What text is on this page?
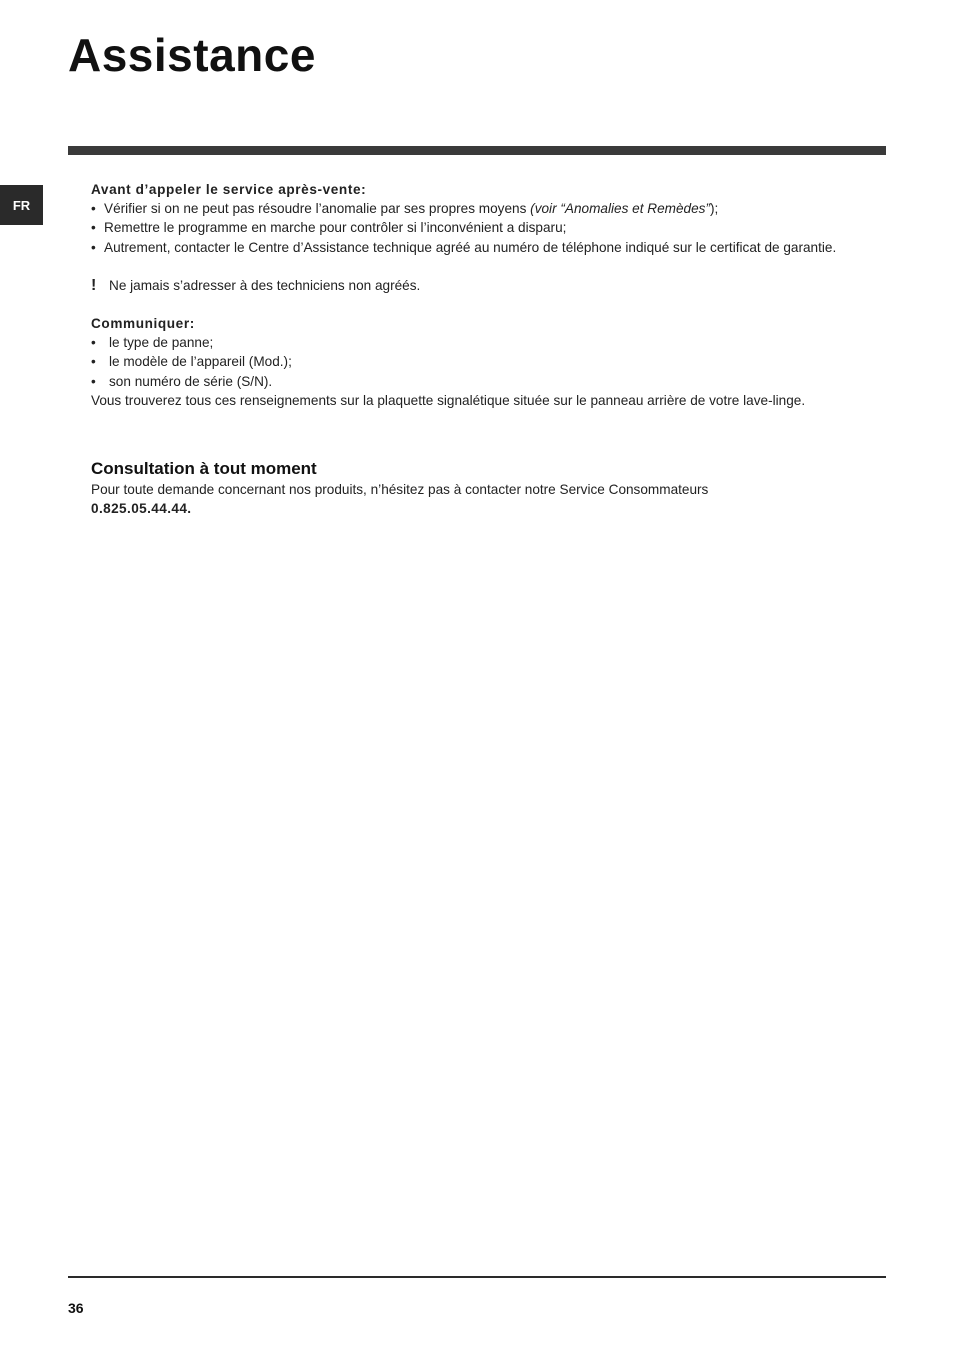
Assistance
FR

Avant d’appeler le service après-vente:

• Vérifier si on ne peut pas résoudre l’anomalie par ses propres moyens (voir “Anomalies et Remèdes”);
• Remettre le programme en marche pour contrôler si l’inconvénient a disparu;
• Autrement, contacter le Centre d’Assistance technique agréé au numéro de téléphone indiqué sur le certificat de garantie.
! Ne jamais s’adresser à des techniciens non agréés.

Communiquer:

• le type de panne;
• le modèle de l’appareil (Mod.);
• son numéro de série (S/N).

Vous trouverez tous ces renseignements sur la plaquette signalétique située sur le panneau arrière de votre lave-linge.

Consultation à tout moment

Pour toute demande concernant nos produits, n’hésitez pas à contacter notre Service Consommateurs

0.825.05.44.44.

36
